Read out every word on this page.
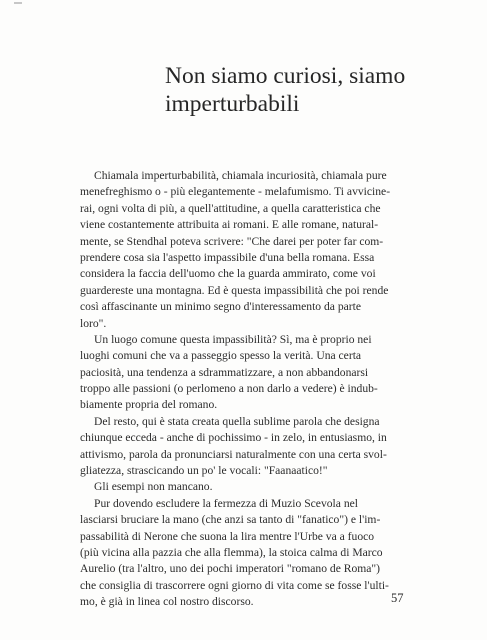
Non siamo curiosi, siamo
imperturbabili

Chiamala imperturbabilità, chiamala incuriosità, chiamala pure
menefreghismo o - più elegantemente - melafumismo. Ti avvicine-
rai, ogni volta di più, a quell'attitudine, a quella caratteristica che
viene costantemente attribuita ai romani. E alle romane, natural-
mente, se Stendhal poteva scrivere: "Che darei per poter far com-
prendere cosa sia l'aspetto impassibile d'una bella romana. Essa
considera la faccia dell'uomo che la guarda ammirato, come voi
guardereste una montagna. Ed è questa impassibilità che poi rende
così affascinante un minimo segno d'interessamento da parte
loro".

Un luogo comune questa impassibilità? Sì, ma è proprio nei
luoghi comuni che va a passeggio spesso la verità. Una certa
paciosità, una tendenza a sdrammatizzare, a non abbandonarsi
troppo alle passioni (o perlomeno a non darlo a vedere) è indub-
biamente propria del romano.

Del resto, qui è stata creata quella sublime parola che designa
chiunque ecceda - anche di pochissimo - in zelo, in entusiasmo, in
attivismo, parola da pronunciarsi naturalmente con una certa svol-
gliatezza, strascicando un po' le vocali: "Faanaatico!"

Gli esempi non mancano.

Pur dovendo escludere la fermezza di Muzio Scevola nel
lasciarsi bruciare la mano (che anzi sa tanto di "fanatico") e l'im-
passabilità di Nerone che suona la lira mentre l'Urbe va a fuoco
(più vicina alla pazzia che alla flemma), la stoica calma di Marco
Aurelio (tra l'altro, uno dei pochi imperatori "romano de Roma")
che consiglia di trascorrere ogni giorno di vita come se fosse l'ulti-
mo, è già in linea col nostro discorso.	57
